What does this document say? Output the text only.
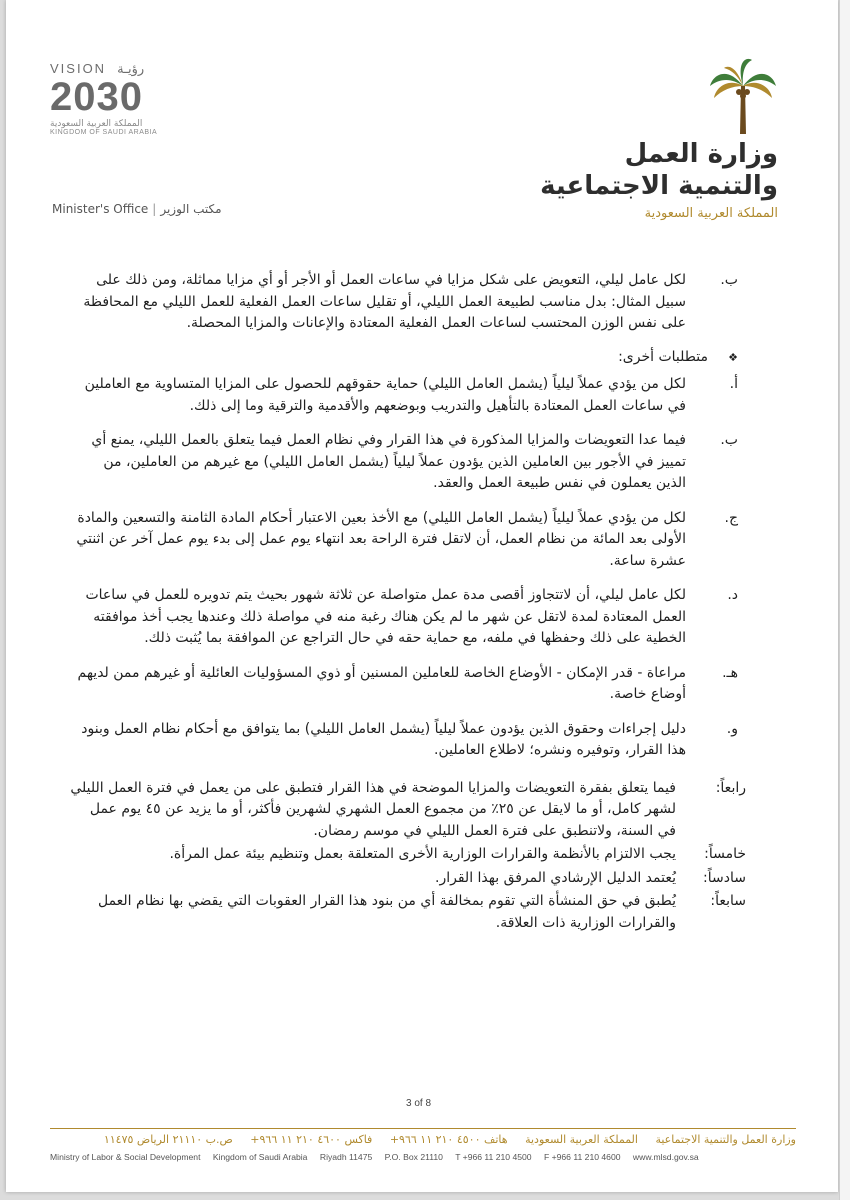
VISION رؤيـة
2030
المملكة العربية السعودية
KINGDOM OF SAUDI ARABIA
وزارة العمل
والتنمية الاجتماعية
المملكة العربية السعودية
Minister's Office | مكتب الوزير

ب.
لكل عامل ليلي، التعويض على شكل مزايا في ساعات العمل أو الأجر أو أي مزايا مماثلة، ومن ذلك على سبيل المثال: بدل مناسب لطبيعة العمل الليلي، أو تقليل ساعات العمل الفعلية للعمل الليلي مع المحافظة على نفس الوزن المحتسب لساعات العمل الفعلية المعتادة والإعانات والمزايا المحصلة.

❖
متطلبات أخرى:

أ.
لكل من يؤدي عملاً ليلياً (يشمل العامل الليلي) حماية حقوقهم للحصول على المزايا المتساوية مع العاملين في ساعات العمل المعتادة بالتأهيل والتدريب وبوضعهم والأقدمية والترقية وما إلى ذلك.

ب.
فيما عدا التعويضات والمزايا المذكورة في هذا القرار وفي نظام العمل فيما يتعلق بالعمل الليلي، يمنع أي تمييز في الأجور بين العاملين الذين يؤدون عملاً ليلياً (يشمل العامل الليلي) مع غيرهم من العاملين، من الذين يعملون في نفس طبيعة العمل والعقد.

ج.
لكل من يؤدي عملاً ليلياً (يشمل العامل الليلي) مع الأخذ بعين الاعتبار أحكام المادة الثامنة والتسعين والمادة الأولى بعد المائة من نظام العمل، أن لاتقل فترة الراحة بعد انتهاء يوم عمل إلى بدء يوم عمل آخر عن اثنتي عشرة ساعة.

د.
لكل عامل ليلي، أن لاتتجاوز أقصى مدة عمل متواصلة عن ثلاثة شهور بحيث يتم تدويره للعمل في ساعات العمل المعتادة لمدة لاتقل عن شهر ما لم يكن هناك رغبة منه في مواصلة ذلك وعندها يجب أخذ موافقته الخطية على ذلك وحفظها في ملفه، مع حماية حقه في حال التراجع عن الموافقة بما يُثبت ذلك.

هـ.
مراعاة - قدر الإمكان - الأوضاع الخاصة للعاملين المسنين أو ذوي المسؤوليات العائلية أو غيرهم ممن لديهم أوضاع خاصة.

و.
دليل إجراءات وحقوق الذين يؤدون عملاً ليلياً (يشمل العامل الليلي) بما يتوافق مع أحكام نظام العمل وبنود هذا القرار، وتوفيره ونشره؛ لاطلاع العاملين.

رابعاً:
فيما يتعلق بفقرة التعويضات والمزايا الموضحة في هذا القرار فتطبق على من يعمل في فترة العمل الليلي لشهر كامل، أو ما لايقل عن ٢٥٪ من مجموع العمل الشهري لشهرين فأكثر، أو ما يزيد عن ٤٥ يوم عمل في السنة، ولاتنطبق على فترة العمل الليلي في موسم رمضان.

خامساً:
يجب الالتزام بالأنظمة والقرارات الوزارية الأخرى المتعلقة بعمل وتنظيم بيئة عمل المرأة.

سادساً:
يُعتمد الدليل الإرشادي المرفق بهذا القرار.

سابعاً:
يُطبق في حق المنشأة التي تقوم بمخالفة أي من بنود هذا القرار العقوبات التي يقضي بها نظام العمل والقرارات الوزارية ذات العلاقة.

3 of 8
وزارة العمل والتنمية الاجتماعية المملكة العربية السعودية هاتف ٤٥٠٠ ٢١٠ ١١ ٩٦٦+ فاكس ٤٦٠٠ ٢١٠ ١١ ٩٦٦+ ص.ب ٢١١١٠ الرياض ١١٤٧٥
Ministry of Labor & Social Development Kingdom of Saudi Arabia Riyadh 11475 P.O. Box 21110 T +966 11 210 4500 F +966 11 210 4600 www.mlsd.gov.sa
